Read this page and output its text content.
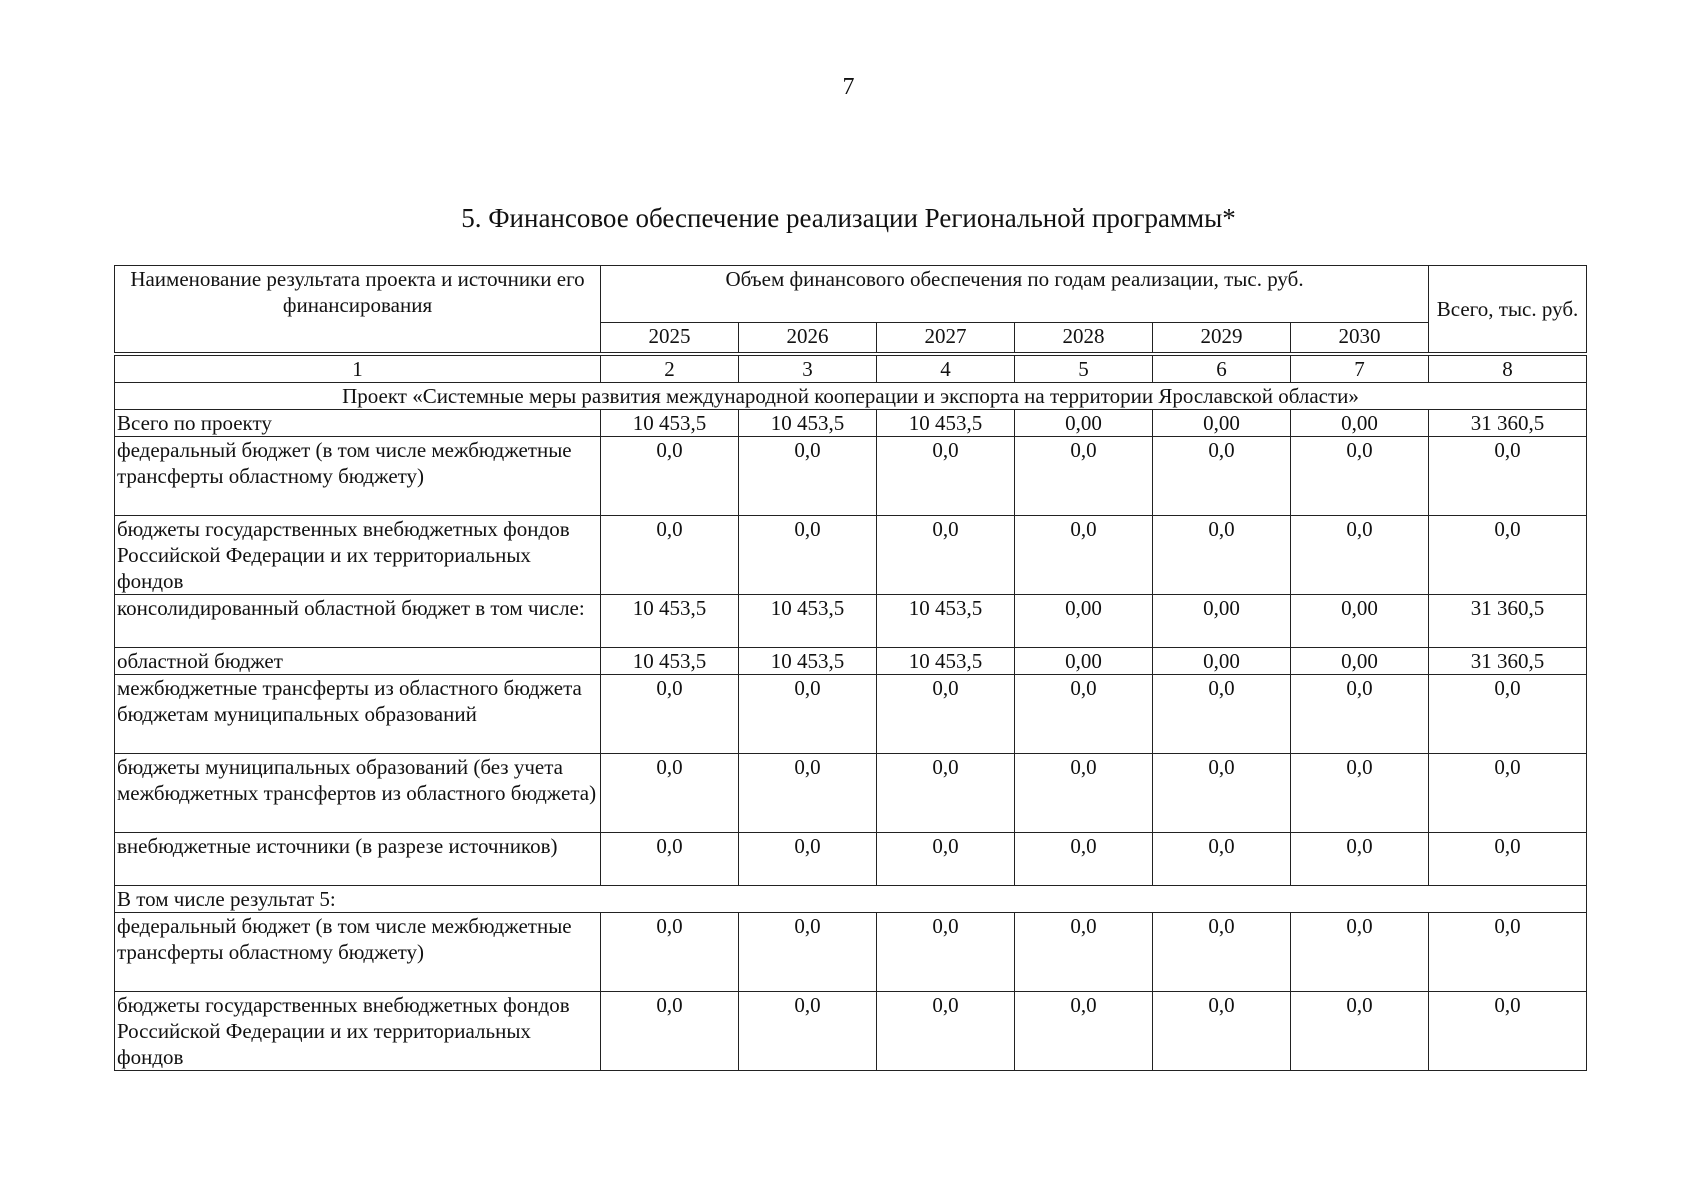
7
5. Финансовое обеспечение реализации Региональной программы*
Наименование результата проекта и источники его финансирования	Объем финансового обеспечения по годам реализации, тыс. руб.						Всего, тыс. руб.
	2025	2026	2027	2028	2029	2030	
1	2	3	4	5	6	7	8
Проект «Системные меры развития международной кооперации и экспорта на территории Ярославской области»							
Всего по проекту	10 453,5	10 453,5	10 453,5	0,00	0,00	0,00	31 360,5
федеральный бюджет (в том числе межбюджетные трансферты областному бюджету)	0,0	0,0	0,0	0,0	0,0	0,0	0,0
бюджеты государственных внебюджетных фондов Российской Федерации и их территориальных фондов	0,0	0,0	0,0	0,0	0,0	0,0	0,0
консолидированный областной бюджет в том числе:	10 453,5	10 453,5	10 453,5	0,00	0,00	0,00	31 360,5
областной бюджет	10 453,5	10 453,5	10 453,5	0,00	0,00	0,00	31 360,5
межбюджетные трансферты из областного бюджета бюджетам муниципальных образований	0,0	0,0	0,0	0,0	0,0	0,0	0,0
бюджеты муниципальных образований (без учета межбюджетных трансфертов из областного бюджета)	0,0	0,0	0,0	0,0	0,0	0,0	0,0
внебюджетные источники (в разрезе источников)	0,0	0,0	0,0	0,0	0,0	0,0	0,0
В том числе результат 5:							
федеральный бюджет (в том числе межбюджетные трансферты областному бюджету)	0,0	0,0	0,0	0,0	0,0	0,0	0,0
бюджеты государственных внебюджетных фондов Российской Федерации и их территориальных фондов	0,0	0,0	0,0	0,0	0,0	0,0	0,0
